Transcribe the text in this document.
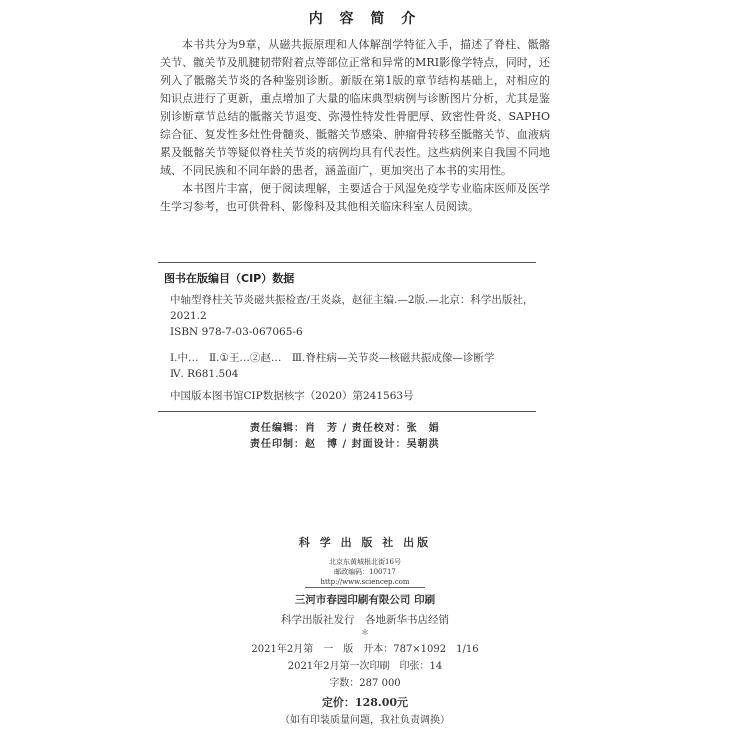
内 容 简 介

本书共分为9章，从磁共振原理和人体解剖学特征入手，描述了脊柱、骶髂关节、髋关节及肌腱韧带附着点等部位正常和异常的MRI影像学特点，同时，还列入了骶髂关节炎的各种鉴别诊断。新版在第1版的章节结构基础上，对相应的知识点进行了更新，重点增加了大量的临床典型病例与诊断图片分析，尤其是鉴别诊断章节总结的骶髂关节退变、弥漫性特发性骨肥厚、致密性骨炎、SAPHO综合征、复发性多灶性骨髓炎、骶髂关节感染、肿瘤骨转移至骶髂关节、血液病累及骶髂关节等疑似脊柱关节炎的病例均具有代表性。这些病例来自我国不同地域、不同民族和不同年龄的患者，涵盖面广，更加突出了本书的实用性。

本书图片丰富，便于阅读理解，主要适合于风湿免疫学专业临床医师及医学生学习参考，也可供骨科、影像科及其他相关临床科室人员阅读。

图书在版编目（CIP）数据
中轴型脊柱关节炎磁共振检查/王炎焱，赵征主编.—2版.—北京：科学出版社，2021.2
ISBN 978-7-03-067065-6
Ⅰ.中…　Ⅱ.①王…②赵…　Ⅲ.脊柱病—关节炎—核磁共振成像—诊断学
Ⅳ. R681.504
中国版本图书馆CIP数据核字（2020）第241563号
责任编辑：肖　芳 / 责任校对：张　娟
责任印制：赵　博 / 封面设计：吴朝洪
科 学 出 版 社 出版
北京东黄城根北街16号
邮政编码：100717
http://www.sciencep.com
三河市春园印刷有限公司 印刷
科学出版社发行　各地新华书店经销
＊
2021年2月第　一　版　开本：787×1092　1/16
2021年2月第一次印刷　印张：14
字数：287 000
定价：128.00元
（如有印装质量问题，我社负责调换）
